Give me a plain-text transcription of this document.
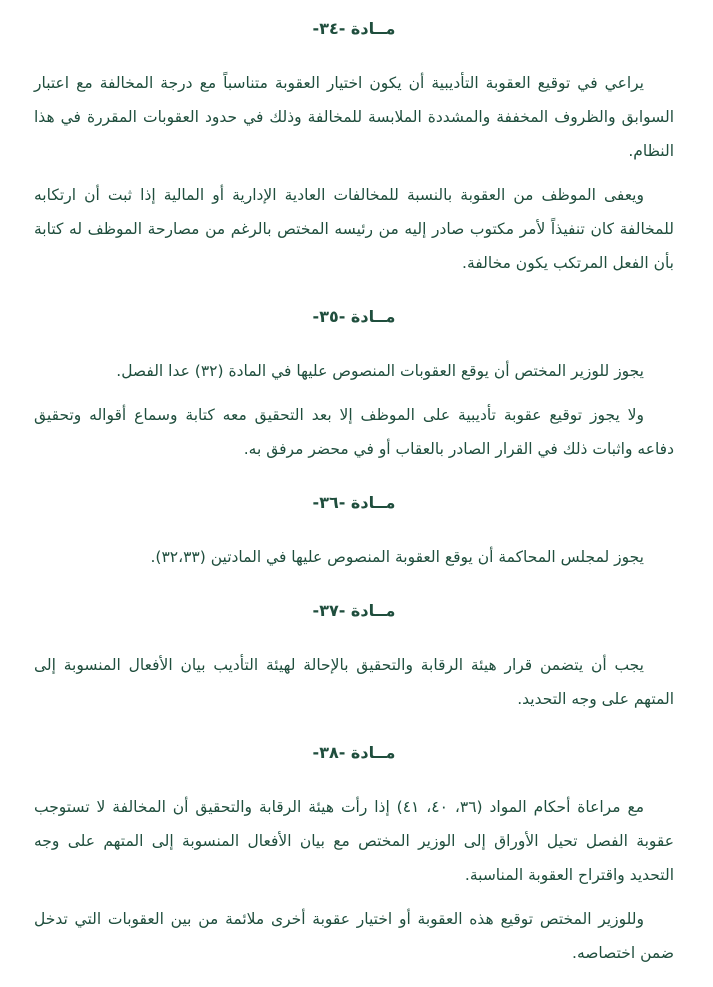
مــادة -٣٤-

يراعي في توقيع العقوبة التأديبية أن يكون اختيار العقوبة متناسباً مع درجة المخالفة مع اعتبار السوابق والظروف المخففة والمشددة الملابسة للمخالفة وذلك في حدود العقوبات المقررة في هذا النظام.

ويعفى الموظف من العقوبة بالنسبة للمخالفات العادية الإدارية أو المالية إذا ثبت أن ارتكابه للمخالفة كان تنفيذاً لأمر مكتوب صادر إليه من رئيسه المختص بالرغم من مصارحة الموظف له كتابة بأن الفعل المرتكب يكون مخالفة.

مــادة -٣٥-

يجوز للوزير المختص أن يوقع العقوبات المنصوص عليها في المادة (٣٢) عدا الفصل.

ولا يجوز توقيع عقوبة تأديبية على الموظف إلا بعد التحقيق معه كتابة وسماع أقواله وتحقيق دفاعه واثبات ذلك في القرار الصادر بالعقاب أو في محضر مرفق به.

مــادة -٣٦-

يجوز لمجلس المحاكمة أن يوقع العقوبة المنصوص عليها في المادتين (٣٢،٣٣).

مــادة -٣٧-

يجب أن يتضمن قرار هيئة الرقابة والتحقيق بالإحالة لهيئة التأديب بيان الأفعال المنسوبة إلى المتهم على وجه التحديد.

مــادة -٣٨-

مع مراعاة أحكام المواد (٣٦، ٤٠، ٤١) إذا رأت هيئة الرقابة والتحقيق أن المخالفة لا تستوجب عقوبة الفصل تحيل الأوراق إلى الوزير المختص مع بيان الأفعال المنسوبة إلى المتهم على وجه التحديد واقتراح العقوبة المناسبة.

وللوزير المختص توقيع هذه العقوبة أو اختيار عقوبة أخرى ملائمة من بين العقوبات التي تدخل ضمن اختصاصه.
